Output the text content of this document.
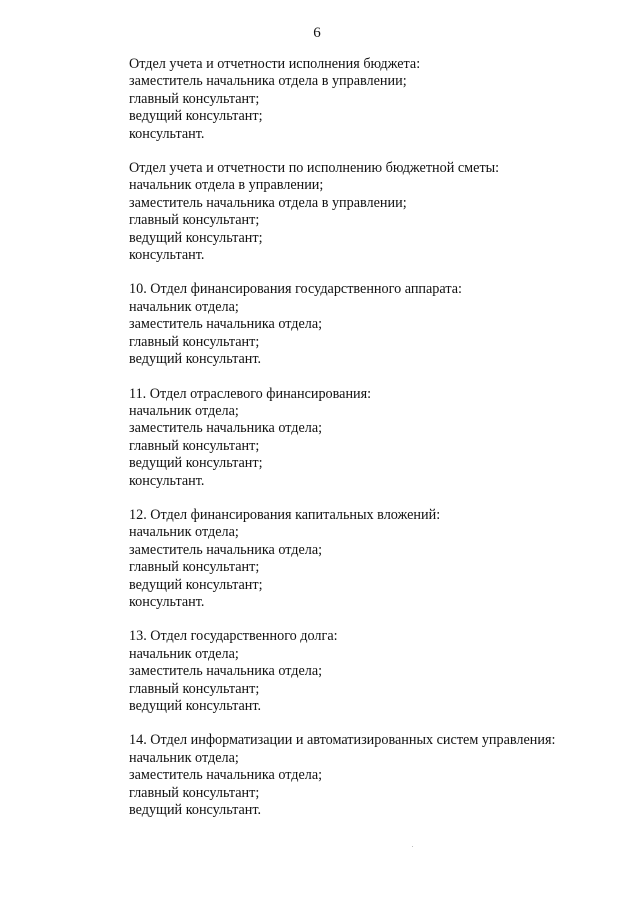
6
Отдел учета и отчетности исполнения бюджета:
заместитель начальника отдела в управлении;
главный консультант;
ведущий консультант;
консультант.
Отдел учета и отчетности по исполнению бюджетной сметы:
начальник отдела в управлении;
заместитель начальника отдела в управлении;
главный консультант;
ведущий консультант;
консультант.
10. Отдел финансирования государственного аппарата:
начальник отдела;
заместитель начальника отдела;
главный консультант;
ведущий консультант.
11. Отдел отраслевого финансирования:
начальник отдела;
заместитель начальника отдела;
главный консультант;
ведущий консультант;
консультант.
12. Отдел финансирования капитальных вложений:
начальник отдела;
заместитель начальника отдела;
главный консультант;
ведущий консультант;
консультант.
13. Отдел государственного долга:
начальник отдела;
заместитель начальника отдела;
главный консультант;
ведущий консультант.
14. Отдел информатизации и автоматизированных систем управления:
начальник отдела;
заместитель начальника отдела;
главный консультант;
ведущий консультант.
